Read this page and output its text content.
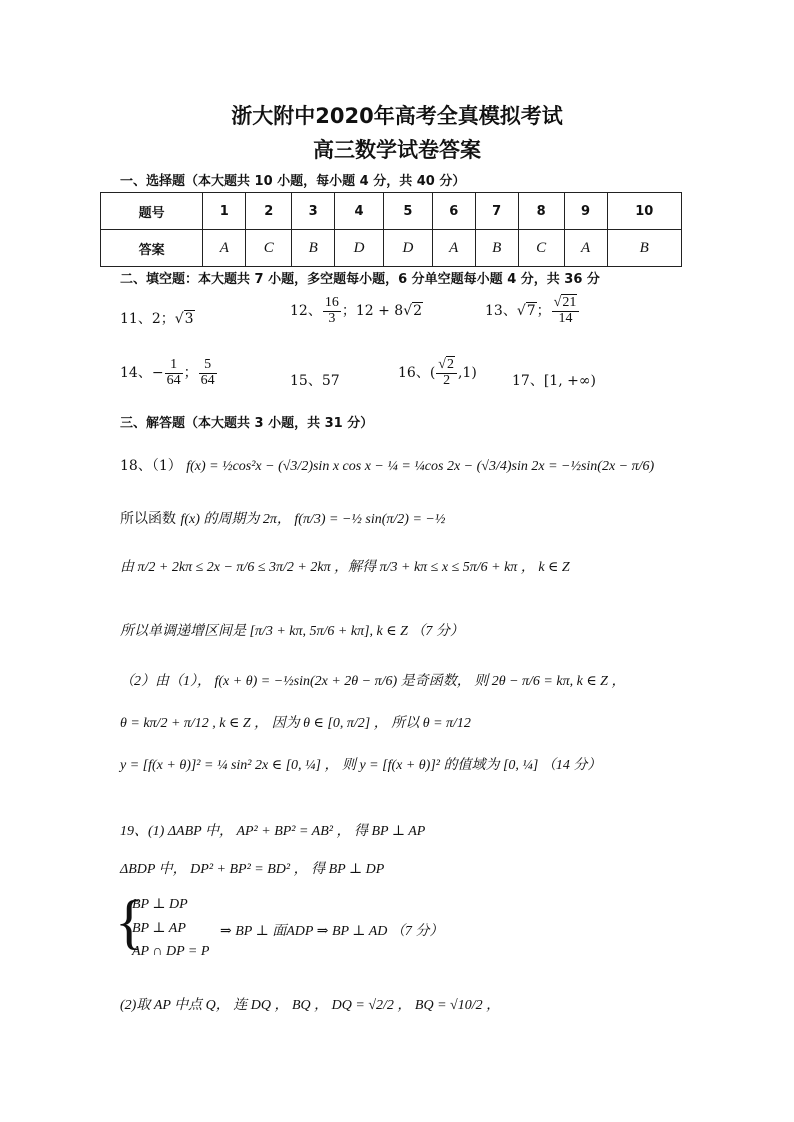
浙大附中2020年高考全真模拟考试
高三数学试卷答案
一、选择题（本大题共 10 小题，每小题 4 分，共 40 分）
题号	1	2	3	4	5	6	7	8	9	10
答案	A	C	B	D	D	A	B	C	A	B
二、填空题：本大题共 7 小题，多空题每小题，6 分单空题每小题 4 分，共 36 分
11、2；√3	12、 $\frac{16}{3}$ ；12 + 8√2	13、√7； $\frac{√21}{14}$
14、− $\frac{1}{64}$ ； $\frac{5}{64}$	15、57	16、( $\frac{√2}{2} ,1$)	17、[1, +∞)
三、解答题（本大题共 3 小题，共 31 分）
18、（1） f(x) = ½cos²x − (√3/2)sin x cos x − ¼ = ¼cos 2x − (√3/4)sin 2x = −½sin(2x − π/6)
所以函数 f(x) 的周期为 2π， f(π/3) = −½ sin(π/2) = −½
由 π/2 + 2kπ ≤ 2x − π/6 ≤ 3π/2 + 2kπ ，解得 π/3 + kπ ≤ x ≤ 5π/6 + kπ ， k ∈ Z
所以单调递增区间是 [π/3 + kπ, 5π/6 + kπ], k ∈ Z （7 分）
（2）由（1）， f(x + θ) = −½sin(2x + 2θ − π/6) 是奇函数， 则 2θ − π/6 = kπ, k ∈ Z ，
θ = kπ/2 + π/12 , k ∈ Z ， 因为 θ ∈ [0, π/2] ， 所以 θ = π/12
y = [f(x + θ)]² = ¼ sin² 2x ∈ [0, ¼] ， 则 y = [f(x + θ)]² 的值域为 [0, ¼] （14 分）
19、(1) ΔABP 中， AP² + BP² = AB² ， 得 BP ⊥ AP
ΔBDP 中， DP² + BP² = BD² ， 得 BP ⊥ DP
{
BP ⊥ DP
BP ⊥ AP
AP ∩ DP = P
⇒ BP ⊥ 面ADP ⇒ BP ⊥ AD （7 分）
(2)取 AP 中点 Q， 连 DQ ， BQ ， DQ = √2/2 ， BQ = √10/2 ，
